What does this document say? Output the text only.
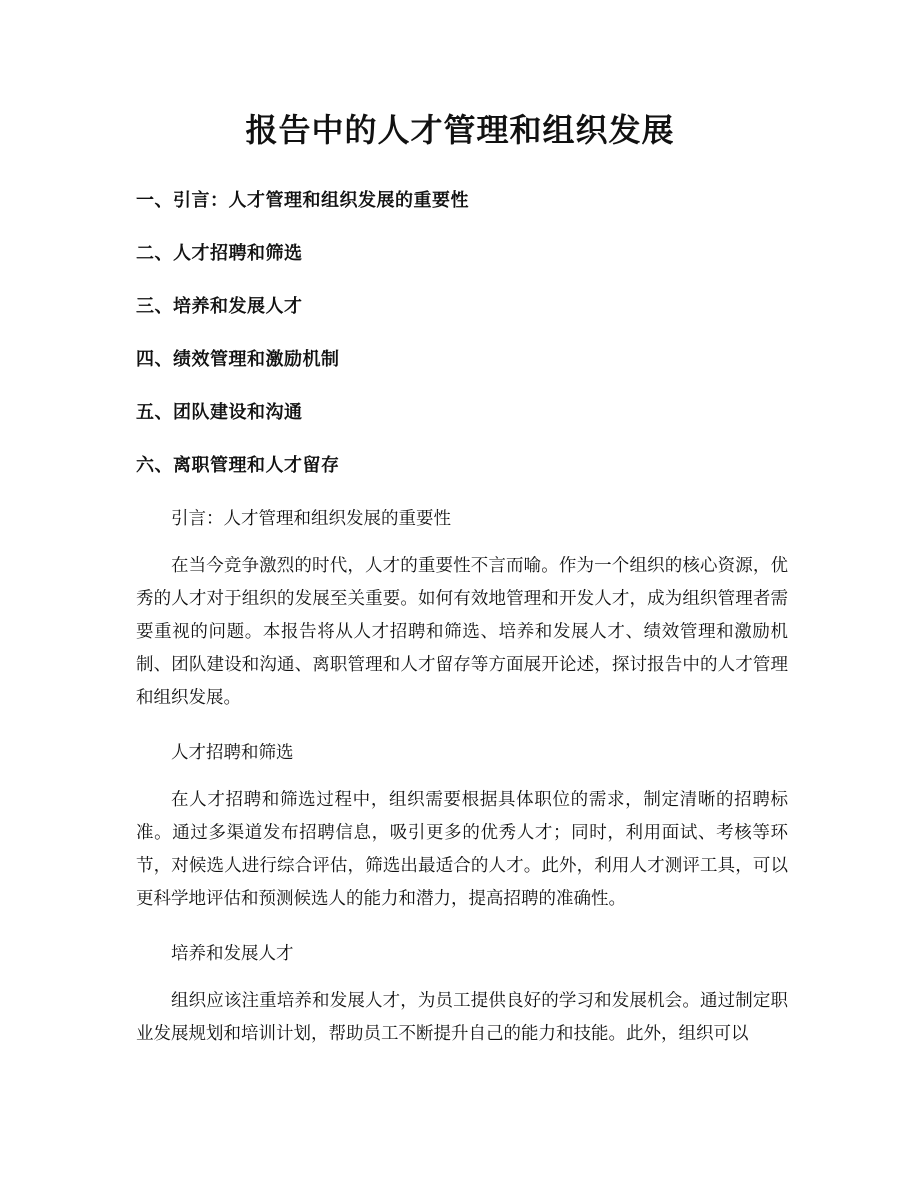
报告中的人才管理和组织发展
一、引言：人才管理和组织发展的重要性
二、人才招聘和筛选
三、培养和发展人才
四、绩效管理和激励机制
五、团队建设和沟通
六、离职管理和人才留存

引言：人才管理和组织发展的重要性

在当今竞争激烈的时代，人才的重要性不言而喻。作为一个组织的核心资源，优秀的人才对于组织的发展至关重要。如何有效地管理和开发人才，成为组织管理者需要重视的问题。本报告将从人才招聘和筛选、培养和发展人才、绩效管理和激励机制、团队建设和沟通、离职管理和人才留存等方面展开论述，探讨报告中的人才管理和组织发展。

人才招聘和筛选

在人才招聘和筛选过程中，组织需要根据具体职位的需求，制定清晰的招聘标准。通过多渠道发布招聘信息，吸引更多的优秀人才；同时，利用面试、考核等环节，对候选人进行综合评估，筛选出最适合的人才。此外，利用人才测评工具，可以更科学地评估和预测候选人的能力和潜力，提高招聘的准确性。

培养和发展人才

组织应该注重培养和发展人才，为员工提供良好的学习和发展机会。通过制定职业发展规划和培训计划，帮助员工不断提升自己的能力和技能。此外，组织可以
